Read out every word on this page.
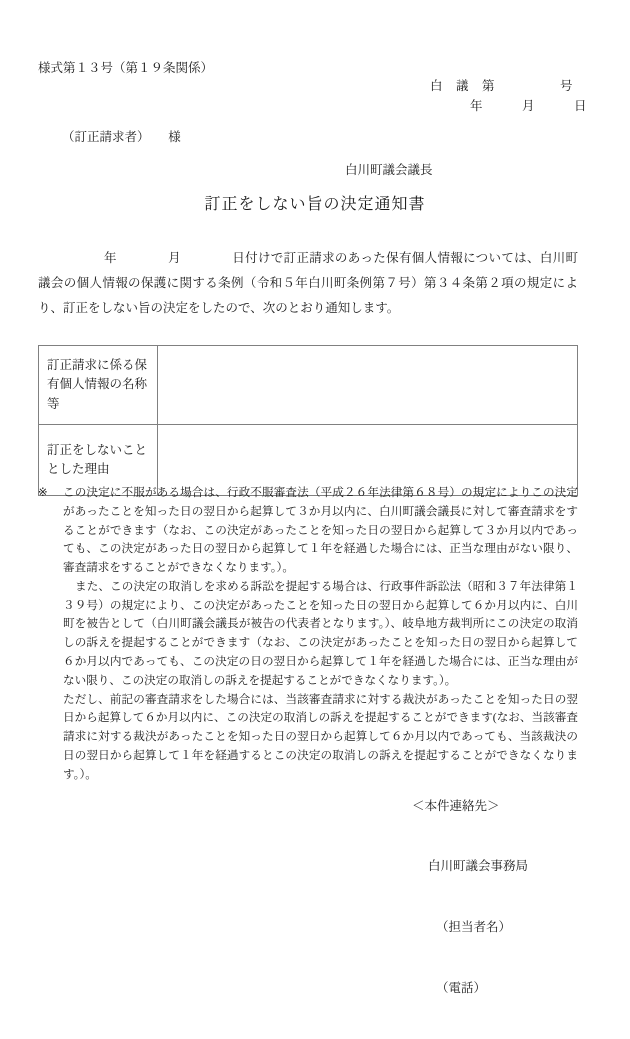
様式第１３号（第１９条関係）
白　議　第　　　　　号
年　　　月　　　日
（訂正請求者）　　様
白川町議会議長
訂正をしない旨の決定通知書
年　　　　月　　　　日付けで訂正請求のあった保有個人情報については、白川町議会の個人情報の保護に関する条例（令和５年白川町条例第７号）第３４条第２項の規定により、訂正をしない旨の決定をしたので、次のとおり通知します。
訂正請求に係る保有個人情報の名称等	
訂正をしないこととした理由	
※	この決定に不服がある場合は、行政不服審査法（平成２６年法律第６８号）の規定によりこの決定があったことを知った日の翌日から起算して３か月以内に、白川町議会議長に対して審査請求をすることができます（なお、この決定があったことを知った日の翌日から起算して３か月以内であっても、この決定があった日の翌日から起算して１年を経過した場合には、正当な理由がない限り、審査請求をすることができなくなります。）。
また、この決定の取消しを求める訴訟を提起する場合は、行政事件訴訟法（昭和３７年法律第１３９号）の規定により、この決定があったことを知った日の翌日から起算して６か月以内に、白川町を被告として（白川町議会議長が被告の代表者となります。）、岐阜地方裁判所にこの決定の取消しの訴えを提起することができます（なお、この決定があったことを知った日の翌日から起算して６か月以内であっても、この決定の日の翌日から起算して１年を経過した場合には、正当な理由がない限り、この決定の取消しの訴えを提起することができなくなります。）。
ただし、前記の審査請求をした場合には、当該審査請求に対する裁決があったことを知った日の翌日から起算して６か月以内に、この決定の取消しの訴えを提起することができます(なお、当該審査請求に対する裁決があったことを知った日の翌日から起算して６か月以内であっても、当該裁決の日の翌日から起算して１年を経過するとこの決定の取消しの訴えを提起することができなくなります。）。

＜本件連絡先＞

白川町議会事務局

（担当者名）

（電話）
